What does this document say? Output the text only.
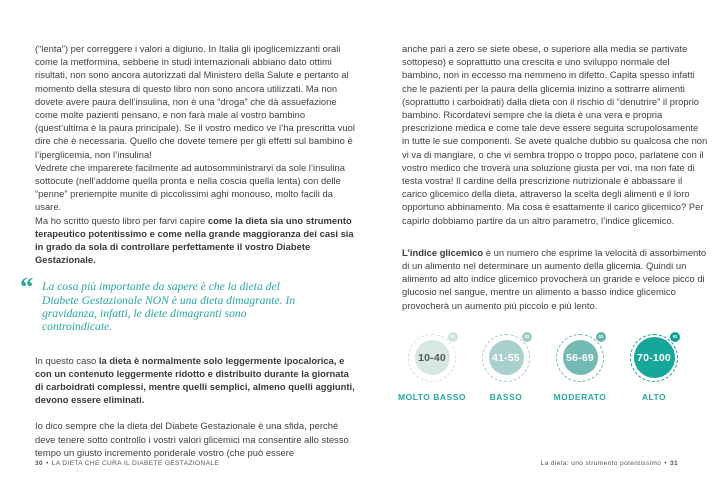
(“lenta”) per correggere i valori a digiuno. In Italia gli ipoglicemizzanti orali come la metformina, sebbene in studi internazionali abbiano dato ottimi risultati, non sono ancora autorizzati dal Ministero della Salute e pertanto al momento della stesura di questo libro non sono ancora utilizzati. Ma non dovete avere paura dell’insulina, non è una “droga” che dà assuefazione come molte pazienti pensano, e non farà male al vostro bambino (quest’ultima è la paura principale). Se il vostro medico ve l’ha prescritta vuol dire che è necessaria. Quello che dovete temere per gli effetti sul bambino è l’iperglicemia, non l’insulina!

Vedrete che imparerete facilmente ad autosomministrarvi da sole l’insulina sottocute (nell’addome quella pronta e nella coscia quella lenta) con delle “penne” preriempite munite di piccolissimi aghi monouso, molto facili da usare.

Ma ho scritto questo libro per farvi capire come la dieta sia uno strumento terapeutico potentissimo e come nella grande maggioranza dei casi sia in grado da sola di controllare perfettamente il vostro Diabete Gestazionale.

“ La cosa più importante da sapere è che la dieta del Diabete Gestazionale NON è una dieta dimagrante. In gravidanza, infatti, le diete dimagranti sono controindicate.

In questo caso la dieta è normalmente solo leggermente ipocalorica, e con un contenuto leggermente ridotto e distribuito durante la giornata di carboidrati complessi, mentre quelli semplici, almeno quelli aggiunti, devono essere eliminati.

Io dico sempre che la dieta del Diabete Gestazionale è una sfida, perché deve tenere sotto controllo i vostri valori glicemici ma consentire allo stesso tempo un giusto incremento ponderale vostro (che può essere

anche pari a zero se siete obese, o superiore alla media se partivate sottopeso) e soprattutto una crescita e uno sviluppo normale del bambino, non in eccesso ma nemmeno in difetto. Capita spesso infatti che le pazienti per la paura della glicemia inizino a sottrarre alimenti (soprattutto i carboidrati) dalla dieta con il rischio di “denutrire” il proprio bambino. Ricordatevi sempre che la dieta è una vera e propria prescrizione medica e come tale deve essere seguita scrupolosamente in tutte le sue componenti. Se avete qualche dubbio su qualcosa che non vi va di mangiare, o che vi sembra troppo o troppo poco, parlatene con il vostro medico che troverà una soluzione giusta per voi, ma non fate di testa vostra! Il cardine della prescrizione nutrizionale è abbassare il carico glicemico della dieta, attraverso la scelta degli alimenti e il loro opportuno abbinamento. Ma cosa è esattamente il carico glicemico? Per capirlo dobbiamo partire da un altro parametro, l’indice glicemico.

L’indice glicemico è un numero che esprime la velocità di assorbimento di un alimento nel determinare un aumento della glicemia. Quindi un alimento ad alto indice glicemico provocherà un grande e veloce picco di glucosio nel sangue, mentre un alimento a basso indice glicemico provocherà un aumento più piccolo e più lento.

10-40
IG
MOLTO BASSO
41-55
IG
BASSO
56-69
IG
MODERATO
70-100
IG
ALTO
30 • LA DIETA CHE CURA IL DIABETE GESTAZIONALE	La dieta: uno strumento potentissimo • 31
